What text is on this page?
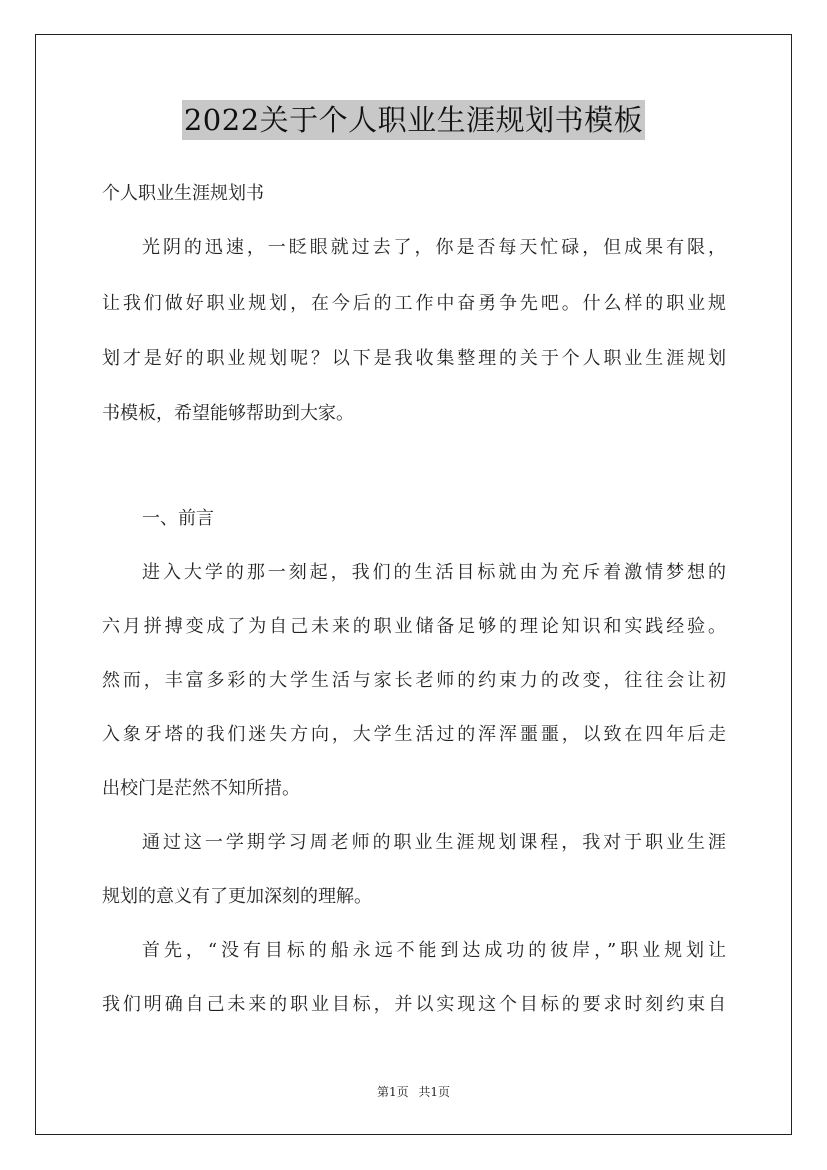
2022关于个人职业生涯规划书模板
个人职业生涯规划书
光阴的迅速，一眨眼就过去了，你是否每天忙碌，但成果有限，
让我们做好职业规划，在今后的工作中奋勇争先吧。什么样的职业规
划才是好的职业规划呢？以下是我收集整理的关于个人职业生涯规划
书模板，希望能够帮助到大家。
一、前言
进入大学的那一刻起，我们的生活目标就由为充斥着激情梦想的
六月拼搏变成了为自己未来的职业储备足够的理论知识和实践经验。
然而，丰富多彩的大学生活与家长老师的约束力的改变，往往会让初
入象牙塔的我们迷失方向，大学生活过的浑浑噩噩，以致在四年后走
出校门是茫然不知所措。
通过这一学期学习周老师的职业生涯规划课程，我对于职业生涯
规划的意义有了更加深刻的理解。
首先，“没有目标的船永远不能到达成功的彼岸，”职业规划让
我们明确自己未来的职业目标，并以实现这个目标的要求时刻约束自
第1页 共1页
